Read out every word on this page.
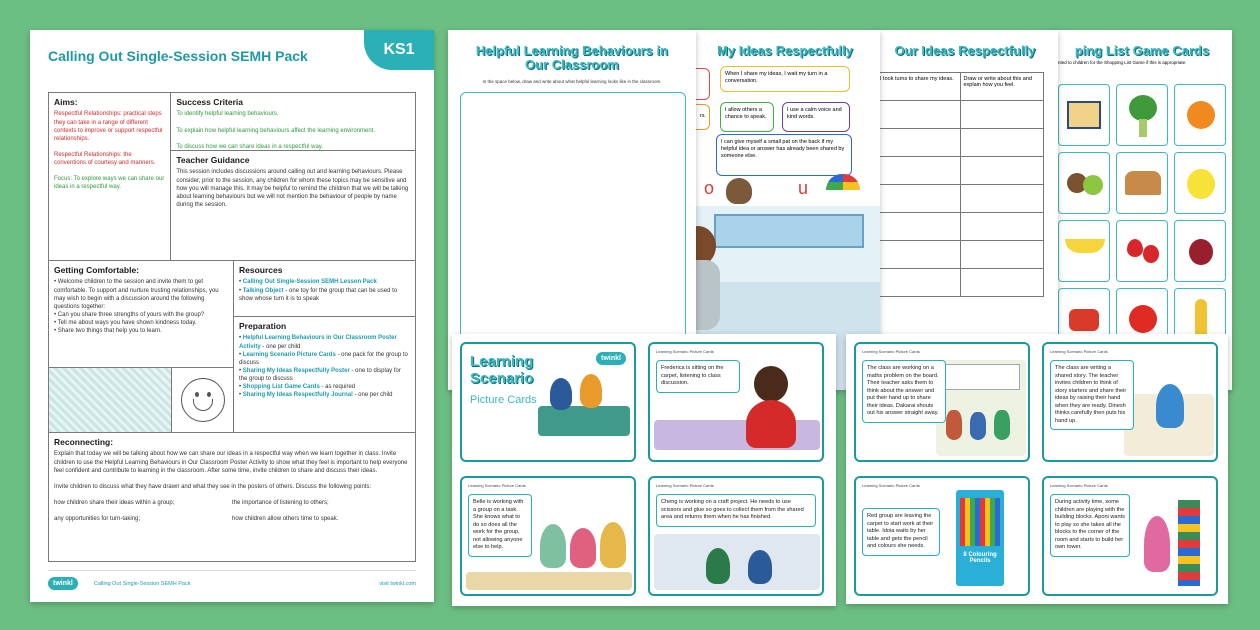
KS1
Calling Out Single-Session SEMH Pack
Aims:

Respectful Relationships: practical steps they can take in a range of different contexts to improve or support respectful relationships.

Respectful Relationships: the conventions of courtesy and manners.

Focus: To explore ways we can share our ideas in a respectful way.

Success Criteria

To identify helpful learning behaviours.

To explain how helpful learning behaviours affect the learning environment.

To discuss how we can share ideas in a respectful way.

Teacher Guidance

This session includes discussions around calling out and learning behaviours. Please consider, prior to the session, any children for whom these topics may be sensitive and how you will manage this. It may be helpful to remind the children that we will be talking about learning behaviours but we will not mention the behaviour of people by name during the session.

Getting Comfortable:
• Welcome children to the session and invite them to get comfortable. To support and nurture trusting relationships, you may wish to begin with a discussion around the following questions together:
• Can you share three strengths of yours with the group?
• Tell me about ways you have shown kindness today.
• Share two things that help you to learn.
Resources
• Calling Out Single-Session SEMH Lesson Pack
• Talking Object - one toy for the group that can be used to show whose turn it is to speak
Preparation
• Helpful Learning Behaviours in Our Classroom Poster Activity - one per child
• Learning Scenario Picture Cards - one pack for the group to discuss
• Sharing My Ideas Respectfully Poster - one to display for the group to discuss
• Shopping List Game Cards - as required
• Sharing My Ideas Respectfully Journal - one per child
Reconnecting:

Explain that today we will be talking about how we can share our ideas in a respectful way when we learn together in class. Invite children to use the Helpful Learning Behaviours in Our Classroom Poster Activity to show what they feel is important to help everyone feel confident and contribute to learning in the classroom. After some time, invite children to share and discuss their ideas.

Invite children to discuss what they have drawn and what they see in the posters of others. Discuss the following points:

how children share their ideas within a group;	the importance of listening to others;
any opportunities for turn-taking;	how children allow others time to speak.
twinkl	Calling Out Single-Session SEMH Pack	visit twinkl.com
ping List Game Cards
nted to children for the Shopping List Game if this is appropriate.
Our Ideas Respectfully
I took turns to share my ideas.	Draw or write about this and explain how you feel.

My Ideas Respectfully
rs.
When I share my ideas, I wait my turn in a conversation.
I allow others a chance to speak.
I use a calm voice and kind words.
I can give myself a small pat on the back if my helpful idea or answer has already been shared by someone else.
o	u
Helpful Learning Behaviours in Our Classroom
In the space below, draw and write about what helpful learning looks like in the classroom.
Learning Scenario
Picture Cards
twinkl
Learning Scenario Picture Cards
Frederica is sitting on the carpet, listening to class discussion.
Learning Scenario Picture Cards
Belle is working with a group on a task. She knows what to do so does all the work for the group, not allowing anyone else to help.
Learning Scenario Picture Cards
Cheng is working on a craft project. He needs to use scissors and glue so goes to collect them from the shared area and returns them when he has finished.
Learning Scenario Picture Cards
The class are working on a maths problem on the board. Their teacher asks them to think about the answer and put their hand up to share their ideas. Dakarai shouts out his answer straight away.
Learning Scenario Picture Cards
The class are writing a shared story. The teacher invites children to think of story starters and share their ideas by raising their hand when they are ready. Dinesh thinks carefully then puts his hand up.
Learning Scenario Picture Cards
Red group are leaving the carpet to start work at their table. Idoia waits by her table and gets the pencil and colours she needs.
8 Colouring Pencils
Learning Scenario Picture Cards
During activity time, some children are playing with the building blocks. Aponi wants to play so she takes all the blocks to the corner of the room and starts to build her own tower.
